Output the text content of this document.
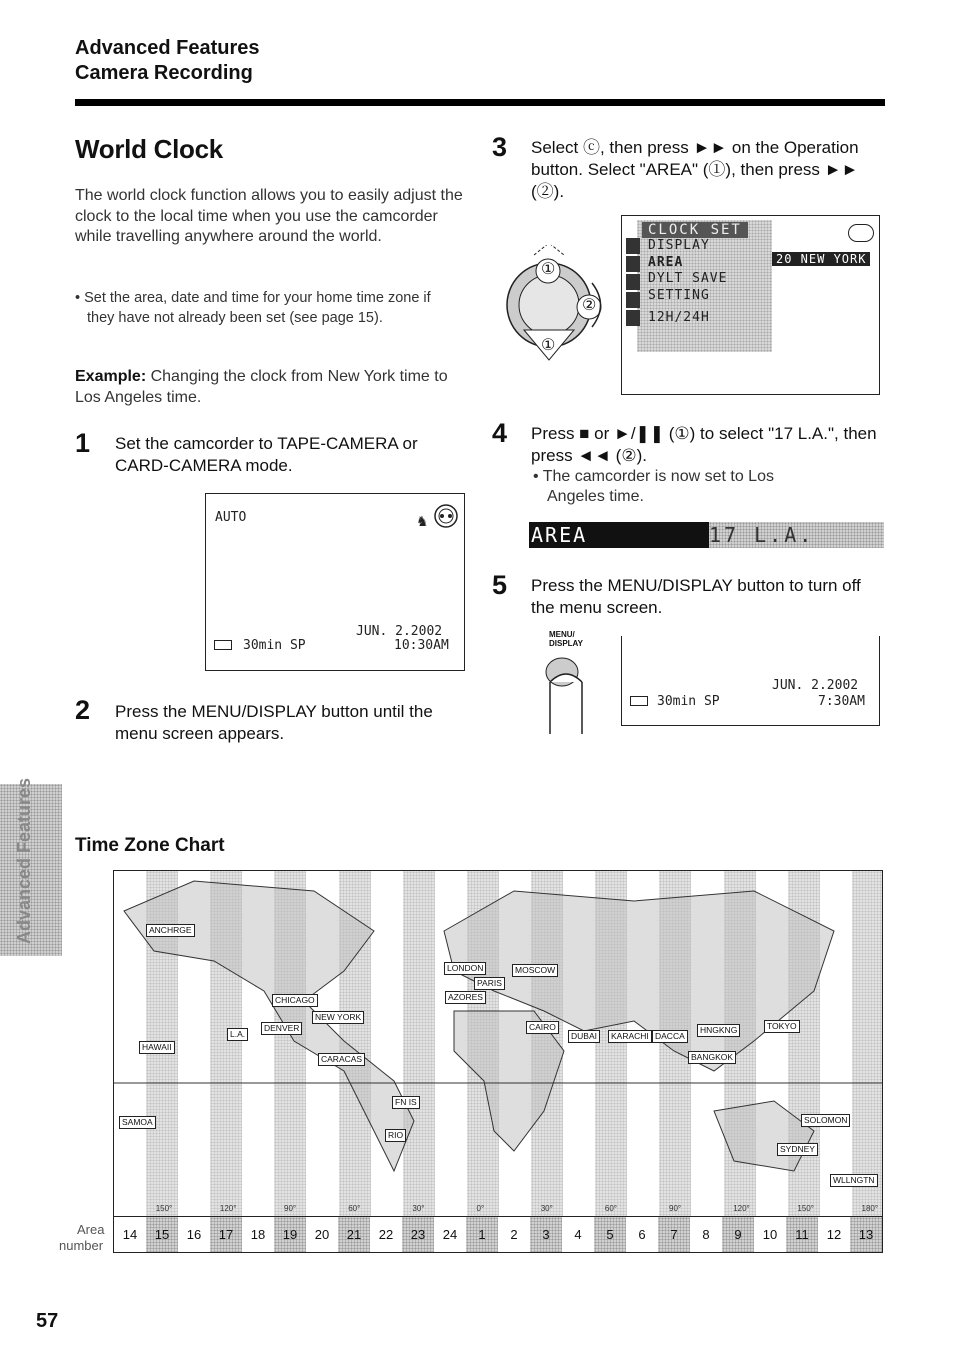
Advanced Features
Camera Recording
World Clock
The world clock function allows you to easily adjust the clock to the local time when you use the camcorder while travelling anywhere around the world.
• Set the area, date and time for your home time zone if they have not already been set (see page 15).
Example: Changing the clock from New York time to Los Angeles time.
1 Set the camcorder to TAPE-CAMERA or CARD-CAMERA mode.
AUTO	♞
JUN. 2.2002
30min SP	10:30AM
2 Press the MENU/DISPLAY button until the menu screen appears.
3 Select ⓒ, then press ►► on the Operation button. Select "AREA" (①), then press ►► (②).
①
②
①
CLOCK SET
DISPLAY
AREA
DYLT SAVE
SETTING
12H/24H
20 NEW YORK
4 Press ■ or ►/❚❚ (①) to select "17 L.A.", then press ◄◄ (②).
• The camcorder is now set to Los Angeles time.
AREA	17 L.A.
5 Press the MENU/DISPLAY button to turn off the menu screen.
MENU/ DISPLAY
JUN. 2.2002
30min SP	7:30AM
Advanced Features Time Zone Chart
ANCHRGE
CHICAGO
NEW YORK
DENVER
L.A.
HAWAII
CARACAS
SAMOA
FN IS
RIO
LONDON	MOSCOW
PARIS
AZORES
CAIRO
DUBAI	KARACHI DACCA
HNGKNG	TOKYO
BANGKOK
SOLOMON
SYDNEY
WLLNGTN
150°	120°	90°	60°	30°	0°	30°	60°	90°	120°	150°	180°
Area
number
14	15	16	17	18	19	20	21	22	23	24	1	2	3	4	5	6	7	8	9	10	11	12	13
57
